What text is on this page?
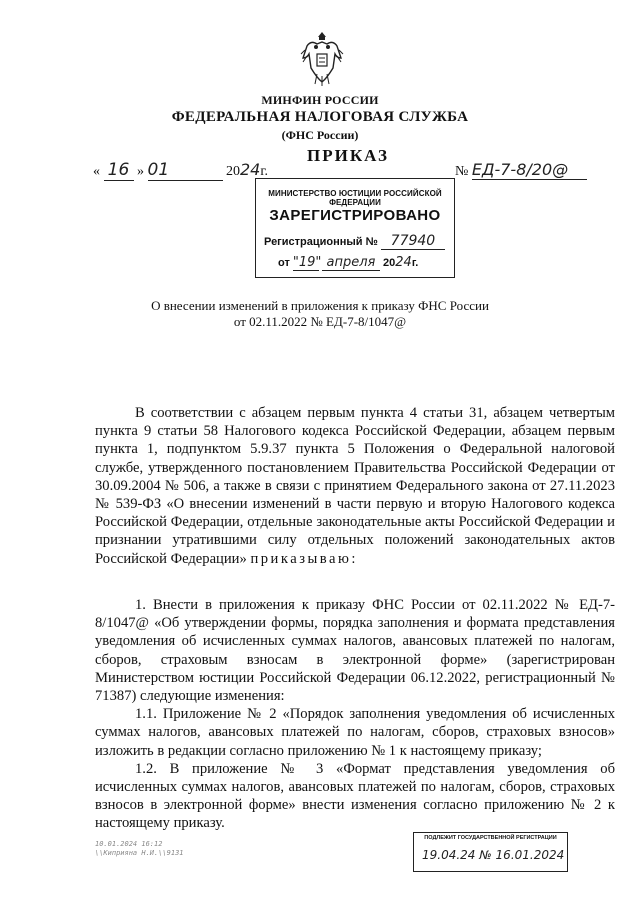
МИНФИН РОССИИ
ФЕДЕРАЛЬНАЯ НАЛОГОВАЯ СЛУЖБА
(ФНС России)
« 16 » 01	2024г.
ПРИКАЗ
МИНИСТЕРСТВО ЮСТИЦИИ РОССИЙСКОЙ ФЕДЕРАЦИИ
ЗАРЕГИСТРИРОВАНО
Регистрационный № 77940
от "19" апреля 2024г.
№ ЕД-7-8/20@
О внесении изменений в приложения к приказу ФНС России
от 02.11.2022 № ЕД-7-8/1047@

В соответствии с абзацем первым пункта 4 статьи 31, абзацем четвертым пункта 9 статьи 58 Налогового кодекса Российской Федерации, абзацем первым пункта 1, подпунктом 5.9.37 пункта 5 Положения о Федеральной налоговой службе, утвержденного постановлением Правительства Российской Федерации от 30.09.2004 № 506, а также в связи с принятием Федерального закона от 27.11.2023 № 539-ФЗ «О внесении изменений в части первую и вторую Налогового кодекса Российской Федерации, отдельные законодательные акты Российской Федерации и признании утратившими силу отдельных положений законодательных актов Российской Федерации» приказываю:

1. Внести в приложения к приказу ФНС России от 02.11.2022 № ЕД-7-8/1047@ «Об утверждении формы, порядка заполнения и формата представления уведомления об исчисленных суммах налогов, авансовых платежей по налогам, сборов, страховым взносам в электронной форме» (зарегистрирован Министерством юстиции Российской Федерации 06.12.2022, регистрационный № 71387) следующие изменения:

1.1. Приложение № 2 «Порядок заполнения уведомления об исчисленных суммах налогов, авансовых платежей по налогам, сборов, страховых взносов» изложить в редакции согласно приложению № 1 к настоящему приказу;

1.2. В приложение № 3 «Формат представления уведомления об исчисленных суммах налогов, авансовых платежей по налогам, сборов, страховых взносов в электронной форме» внести изменения согласно приложению № 2 к настоящему приказу.

10.01.2024 16:12
\\Киприяна Н.И.\\9131
ПОДЛЕЖИТ ГОСУДАРСТВЕННОЙ РЕГИСТРАЦИИ
19.04.24 № 16.01.2024
